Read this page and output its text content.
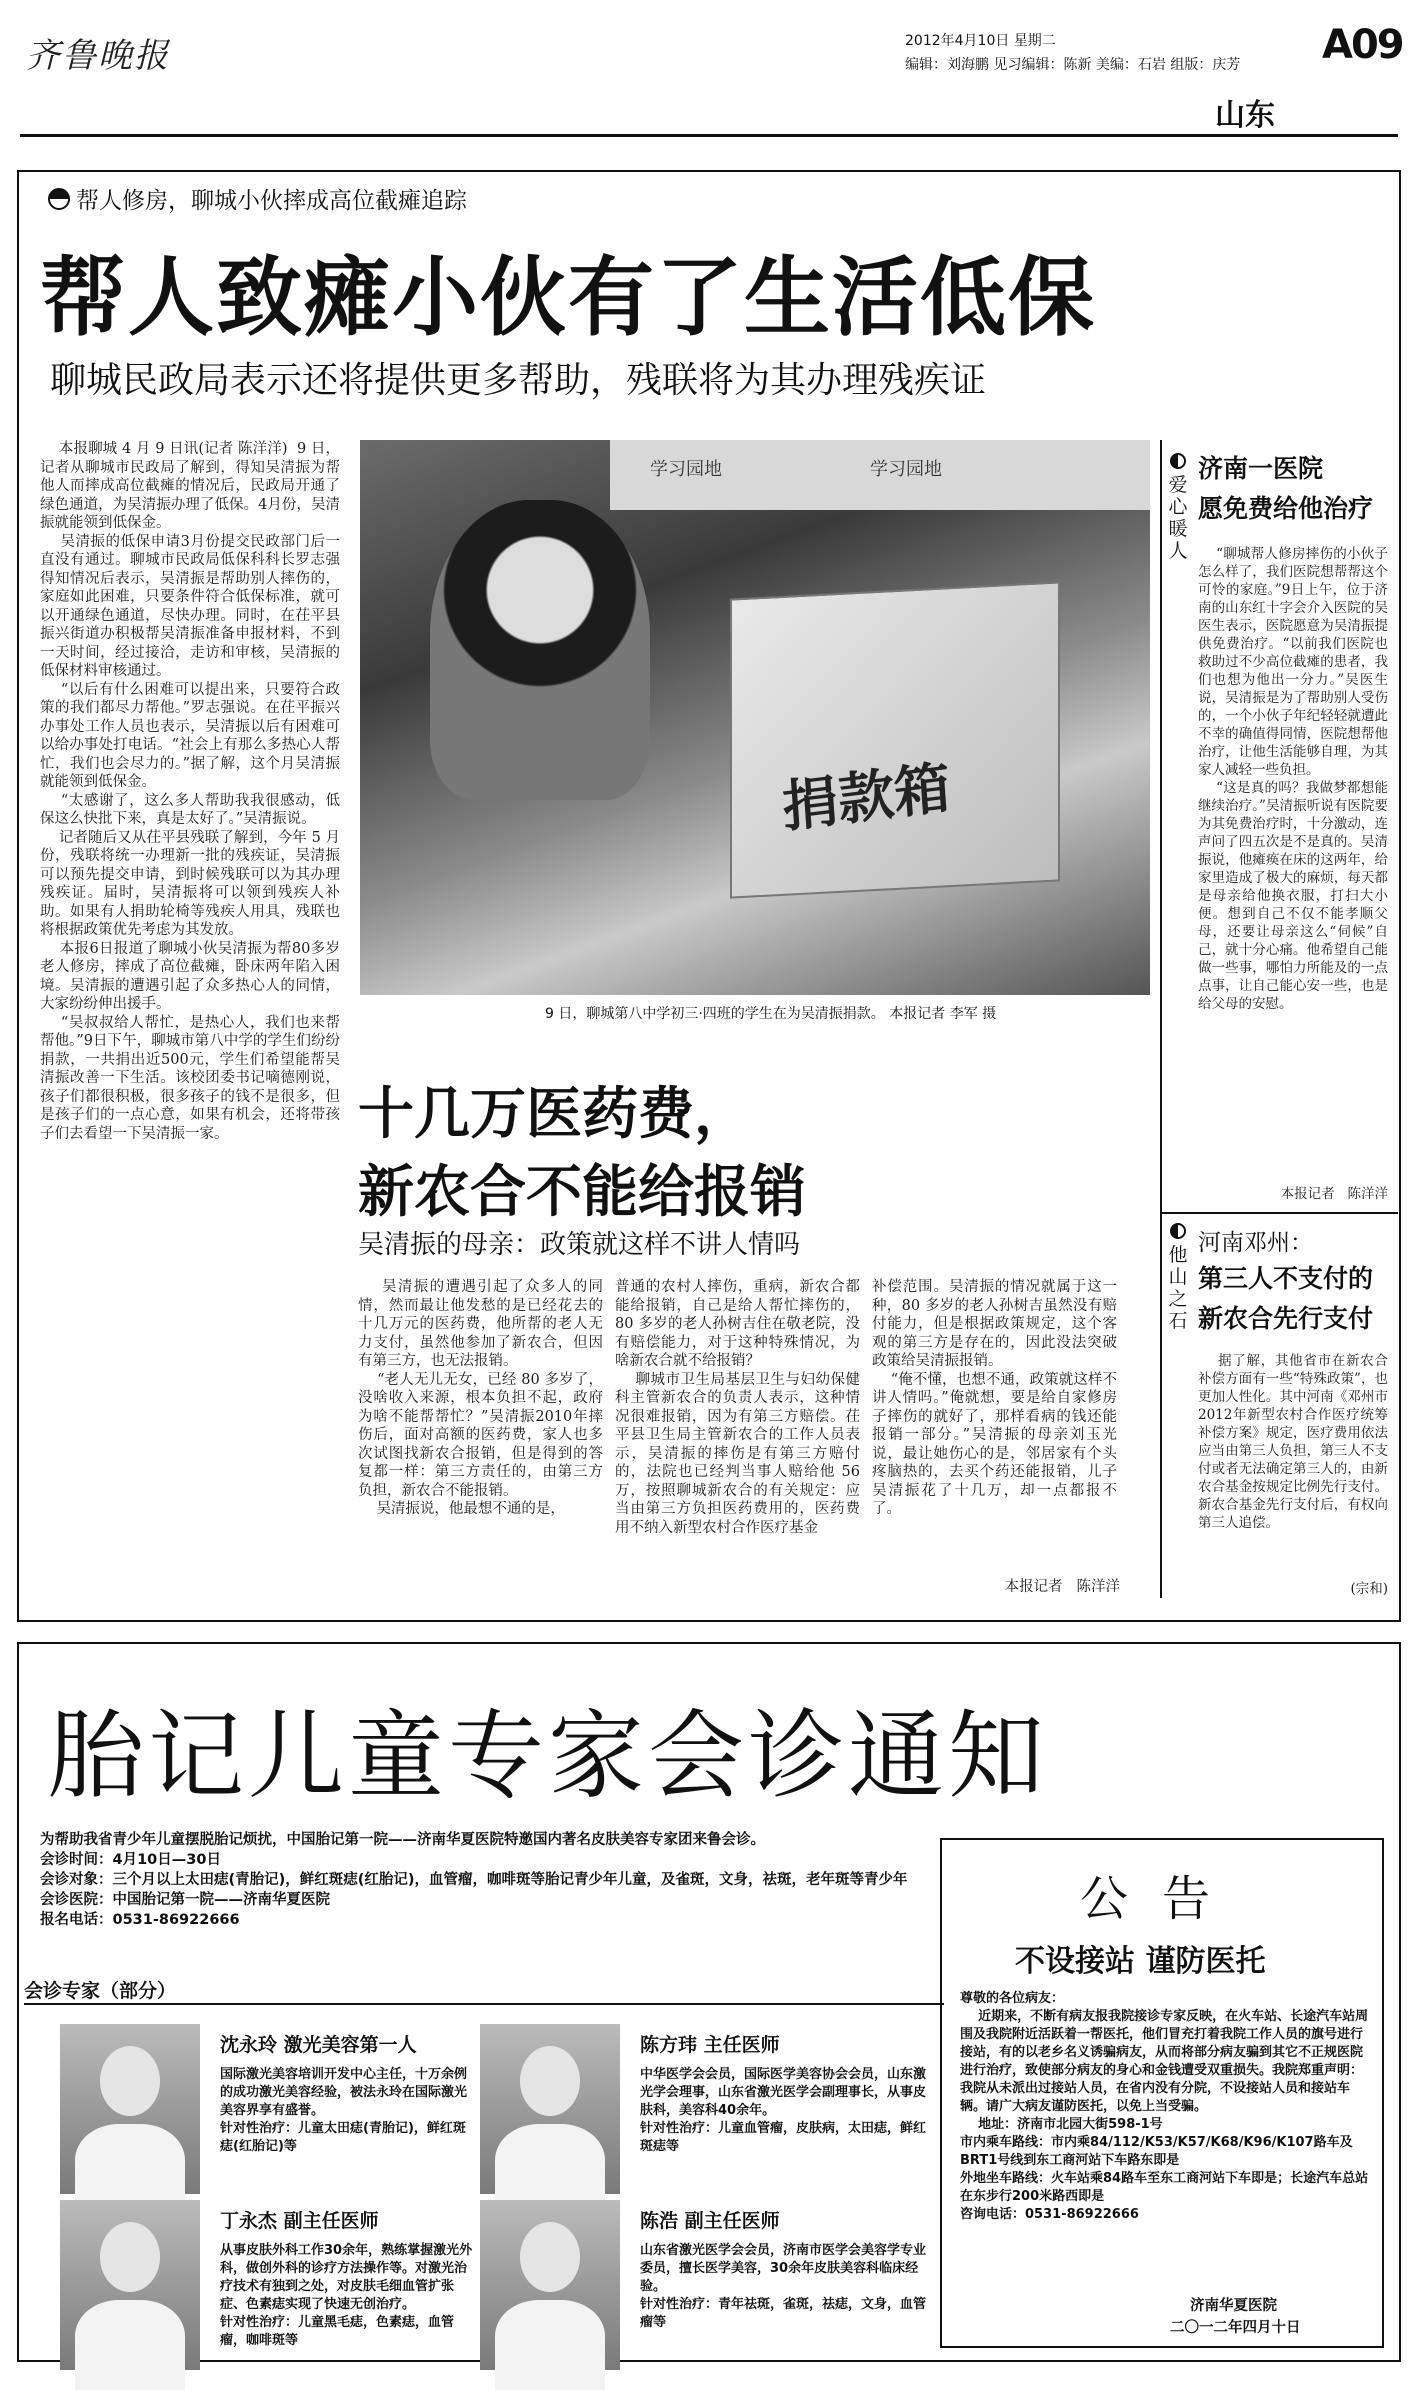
齐鲁晚报	2012年4月10日 星期二
编辑：刘海鹏 见习编辑：陈新 美编：石岩 组版：庆芳 A09
山东
帮人修房，聊城小伙摔成高位截瘫追踪
帮人致瘫小伙有了生活低保
聊城民政局表示还将提供更多帮助，残联将为其办理残疾证
本报聊城 4 月 9 日讯(记者 陈洋洋)  9 日，记者从聊城市民政局了解到，得知吴清振为帮他人而摔成高位截瘫的情况后，民政局开通了绿色通道，为吴清振办理了低保。4月份，吴清振就能领到低保金。
吴清振的低保申请3月份提交民政部门后一直没有通过。聊城市民政局低保科科长罗志强得知情况后表示，吴清振是帮助别人摔伤的，家庭如此困难，只要条件符合低保标准，就可以开通绿色通道，尽快办理。同时，在茌平县振兴街道办积极帮吴清振准备申报材料，不到一天时间，经过接洽，走访和审核，吴清振的低保材料审核通过。
“以后有什么困难可以提出来，只要符合政策的我们都尽力帮他。”罗志强说。在茌平振兴办事处工作人员也表示，吴清振以后有困难可以给办事处打电话。“社会上有那么多热心人帮忙，我们也会尽力的。”据了解，这个月吴清振就能领到低保金。
“太感谢了，这么多人帮助我我很感动，低保这么快批下来，真是太好了。”吴清振说。
记者随后又从茌平县残联了解到，今年 5 月份，残联将统一办理新一批的残疾证，吴清振可以预先提交申请，到时候残联可以为其办理残疾证。届时，吴清振将可以领到残疾人补助。如果有人捐助轮椅等残疾人用具，残联也将根据政策优先考虑为其发放。
本报6日报道了聊城小伙吴清振为帮80多岁老人修房，摔成了高位截瘫，卧床两年陷入困境。吴清振的遭遇引起了众多热心人的同情，大家纷纷伸出援手。
“吴叔叔给人帮忙，是热心人，我们也来帮帮他。”9日下午，聊城市第八中学的学生们纷纷捐款，一共捐出近500元，学生们希望能帮吴清振改善一下生活。该校团委书记嘀德刚说，孩子们都很积极，很多孩子的钱不是很多，但是孩子们的一点心意，如果有机会，还将带孩子们去看望一下吴清振一家。
学习园地	学习园地
捐款箱
9 日，聊城第八中学初三·四班的学生在为吴清振捐款。 本报记者 李军 摄
十几万医药费，
新农合不能给报销
吴清振的母亲：政策就这样不讲人情吗
吴清振的遭遇引起了众多人的同情，然而最让他发愁的是已经花去的十几万元的医药费，他所帮的老人无力支付，虽然他参加了新农合，但因有第三方，也无法报销。
“老人无儿无女，已经 80 多岁了，没啥收入来源，根本负担不起，政府为啥不能帮帮忙？”吴清振2010年摔伤后，面对高额的医药费，家人也多次试图找新农合报销，但是得到的答复都一样：第三方责任的，由第三方负担，新农合不能报销。
吴清振说，他最想不通的是，
普通的农村人摔伤，重病，新农合都能给报销，自己是给人帮忙摔伤的，80 多岁的老人孙树吉住在敬老院，没有赔偿能力，对于这种特殊情况，为啥新农合就不给报销？
聊城市卫生局基层卫生与妇幼保健科主管新农合的负责人表示，这种情况很难报销，因为有第三方赔偿。茌平县卫生局主管新农合的工作人员表示，吴清振的摔伤是有第三方赔付的，法院也已经判当事人赔给他 56 万，按照聊城新农合的有关规定：应当由第三方负担医药费用的，医药费用不纳入新型农村合作医疗基金
补偿范围。吴清振的情况就属于这一种，80 多岁的老人孙树吉虽然没有赔付能力，但是根据政策规定，这个客观的第三方是存在的，因此没法突破政策给吴清振报销。
“俺不懂，也想不通，政策就这样不讲人情吗。”俺就想，要是给自家修房子摔伤的就好了，那样看病的钱还能报销一部分。”吴清振的母亲刘玉光说，最让她伤心的是，邻居家有个头疼脑热的，去买个药还能报销，儿子吴清振花了十几万，却一点都报不了。
本报记者   陈洋洋
爱心暖人
济南一医院
愿免费给他治疗
“聊城帮人修房摔伤的小伙子怎么样了，我们医院想帮帮这个可怜的家庭。”9日上午，位于济南的山东红十字会介入医院的吴医生表示，医院愿意为吴清振提供免费治疗。“以前我们医院也救助过不少高位截瘫的患者，我们也想为他出一分力。”吴医生说，吴清振是为了帮助别人受伤的，一个小伙子年纪轻轻就遭此不幸的确值得同情，医院想帮他治疗，让他生活能够自理，为其家人减轻一些负担。
“这是真的吗？我做梦都想能继续治疗。”吴清振听说有医院要为其免费治疗时，十分激动，连声问了四五次是不是真的。吴清振说，他瘫痪在床的这两年，给家里造成了极大的麻烦，每天都是母亲给他换衣服，打扫大小便。想到自己不仅不能孝顺父母，还要让母亲这么“伺候”自己，就十分心痛。他希望自己能做一些事，哪怕力所能及的一点点事，让自己能心安一些，也是给父母的安慰。
本报记者   陈洋洋
他山之石
河南邓州：
第三人不支付的
新农合先行支付
据了解，其他省市在新农合补偿方面有一些“特殊政策”，也更加人性化。其中河南《邓州市2012年新型农村合作医疗统筹补偿方案》规定，医疗费用依法应当由第三人负担，第三人不支付或者无法确定第三人的，由新农合基金按规定比例先行支付。新农合基金先行支付后，有权向第三人追偿。
(宗和)
胎记儿童专家会诊通知
为帮助我省青少年儿童摆脱胎记烦扰，中国胎记第一院——济南华夏医院特邀国内著名皮肤美容专家团来鲁会诊。
会诊时间：4月10日—30日
会诊对象：三个月以上太田痣(青胎记)，鲜红斑痣(红胎记)，血管瘤，咖啡斑等胎记青少年儿童，及雀斑，文身，祛斑，老年斑等青少年
会诊医院：中国胎记第一院——济南华夏医院
报名电话：0531-86922666
会诊专家（部分）
沈永玲 激光美容第一人
国际激光美容培训开发中心主任，十万余例的成功激光美容经验，被法永玲在国际激光美容界享有盛誉。
针对性治疗：儿童太田痣(青胎记)，鲜红斑痣(红胎记)等
陈方玮 主任医师
中华医学会会员，国际医学美容协会会员，山东激光学会理事，山东省激光医学会副理事长，从事皮肤科，美容科40余年。
针对性治疗：儿童血管瘤，皮肤病，太田痣，鲜红斑痣等
丁永杰 副主任医师
从事皮肤外科工作30余年，熟练掌握激光外科，做创外科的诊疗方法操作等。对激光治疗技术有独到之处，对皮肤毛细血管扩张症、色素痣实现了快速无创治疗。
针对性治疗：儿童黑毛痣，色素痣，血管瘤，咖啡斑等
陈浩 副主任医师
山东省激光医学会会员，济南市医学会美容学专业委员，擅长医学美容，30余年皮肤美容科临床经验。
针对性治疗：青年祛斑，雀斑，祛痣，文身，血管瘤等
公告
不设接站 谨防医托
尊敬的各位病友：
近期来，不断有病友报我院接诊专家反映，在火车站、长途汽车站周围及我院附近活跃着一帮医托，他们冒充打着我院工作人员的旗号进行接站，有的以老乡名义诱骗病友，从而将部分病友骗到其它不正规医院进行治疗，致使部分病友的身心和金钱遭受双重损失。我院郑重声明：我院从未派出过接站人员，在省内没有分院，不设接站人员和接站车辆。请广大病友谨防医托，以免上当受骗。
地址：济南市北园大街598-1号
市内乘车路线：市内乘84/112/K53/K57/K68/K96/K107路车及BRT1号线到东工商河站下车路东即是
外地坐车路线：火车站乘84路车至东工商河站下车即是；长途汽车总站在东步行200米路西即是
咨询电话：0531-86922666
济南华夏医院
二〇一二年四月十日
